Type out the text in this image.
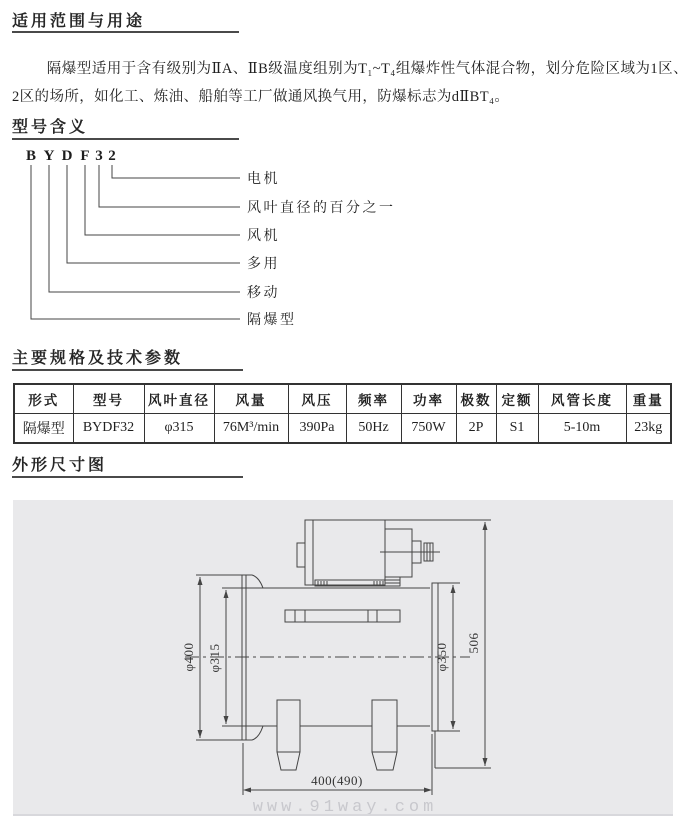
适用范围与用途
隔爆型适用于含有级别为ⅡA、ⅡB级温度组别为T₁~T₄组爆炸性气体混合物，划分危险区域为1区、2区的场所，如化工、炼油、船舶等工厂做通风换气用，防爆标志为dⅡBT₄。
型号含义
B Y D F 3 2
电机
风叶直径的百分之一
风机
多用
移动
隔爆型
主要规格及技术参数
形式	型号	风叶直径	风量	风压	频率	功率	极数	定额	风管长度	重量
隔爆型	BYDF32	φ315	76M³/min	390Pa	50Hz	750W	2P	S1	5-10m	23kg
外形尺寸图
φ400 φ315	φ350 506
400(490)
www.91way.com
